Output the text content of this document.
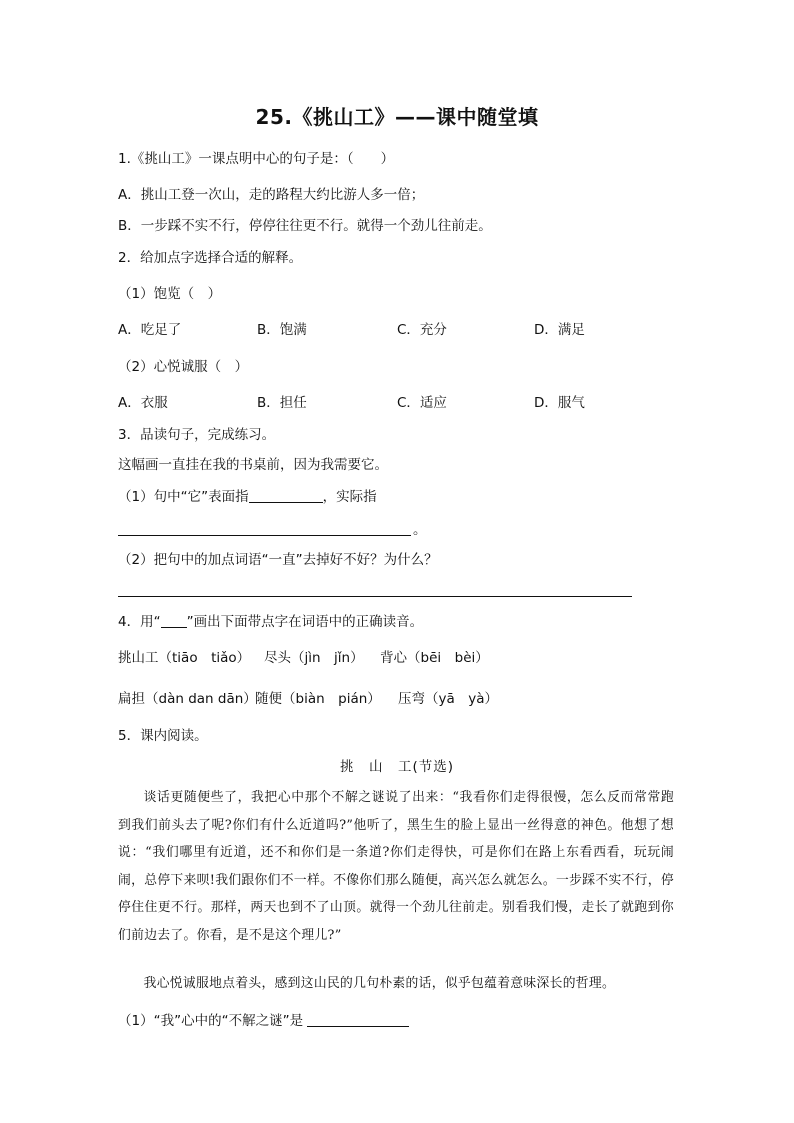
25.《挑山工》——课中随堂填
1.《挑山工》一课点明中心的句子是：（　　）
A．挑山工登一次山，走的路程大约比游人多一倍；
B．一步踩不实不行，停停往往更不行。就得一个劲儿往前走。
2．给加点字选择合适的解释。
（1）饱览（　）
A．吃足了	B．饱满	C．充分	D．满足
（2）心悦诚服（　）
A．衣服	B．担任	C．适应	D．服气
3．品读句子，完成练习。
这幅画一直挂在我的书桌前，因为我需要它。
（1）句中“它”表面指	，实际指
。
（2）把句中的加点词语“一直”去掉好不好？为什么？
4．用“ ”画出下面带点字在词语中的正确读音。
挑山工（tiāo　tiǎo） 尽头（jìn　jǐn） 背心（bēi　bèi）
扁担（dàn dan dān）
随便（biàn　pián） 压弯（yā　yà）
5．课内阅读。
挑　山　工(节选)
谈话更随便些了，我把心中那个不解之谜说了出来：“我看你们走得很慢，怎么反而常常跑到我们前头去了呢?你们有什么近道吗?”他听了，黑生生的脸上显出一丝得意的神色。他想了想说：“我们哪里有近道，还不和你们是一条道?你们走得快，可是你们在路上东看西看，玩玩闹闹，总停下来呗!我们跟你们不一样。不像你们那么随便，高兴怎么就怎么。一步踩不实不行，停停住住更不行。那样，两天也到不了山顶。就得一个劲儿往前走。别看我们慢，走长了就跑到你们前边去了。你看，是不是这个理儿?”
我心悦诚服地点着头，感到这山民的几句朴素的话，似乎包蕴着意味深长的哲理。
（1）“我”心中的“不解之谜”是
